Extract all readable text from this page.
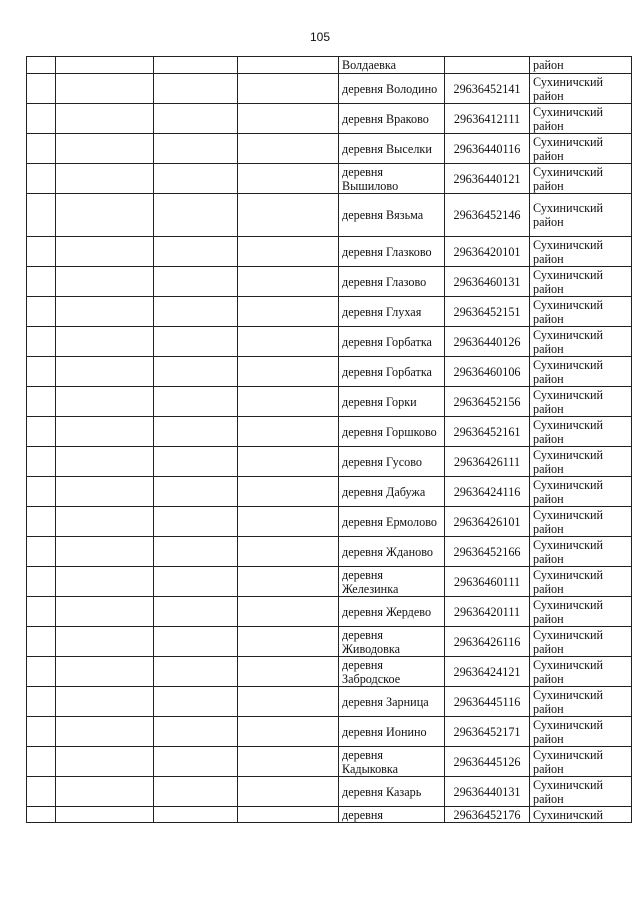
105
				Волдаевка		район
				деревня Володино	29636452141	Сухиничский район
				деревня Враково	29636412111	Сухиничский район
				деревня Выселки	29636440116	Сухиничский район
				деревня Вышилово	29636440121	Сухиничский район
				деревня Вязьма	29636452146	Сухиничский район
				деревня Глазково	29636420101	Сухиничский район
				деревня Глазово	29636460131	Сухиничский район
				деревня Глухая	29636452151	Сухиничский район
				деревня Горбатка	29636440126	Сухиничский район
				деревня Горбатка	29636460106	Сухиничский район
				деревня Горки	29636452156	Сухиничский район
				деревня Горшково	29636452161	Сухиничский район
				деревня Гусово	29636426111	Сухиничский район
				деревня Дабужа	29636424116	Сухиничский район
				деревня Ермолово	29636426101	Сухиничский район
				деревня Жданово	29636452166	Сухиничский район
				деревня Железинка	29636460111	Сухиничский район
				деревня Жердево	29636420111	Сухиничский район
				деревня Живодовка	29636426116	Сухиничский район
				деревня Забродское	29636424121	Сухиничский район
				деревня Зарница	29636445116	Сухиничский район
				деревня Ионино	29636452171	Сухиничский район
				деревня Кадыковка	29636445126	Сухиничский район
				деревня Казарь	29636440131	Сухиничский район
				деревня	29636452176	Сухиничский
